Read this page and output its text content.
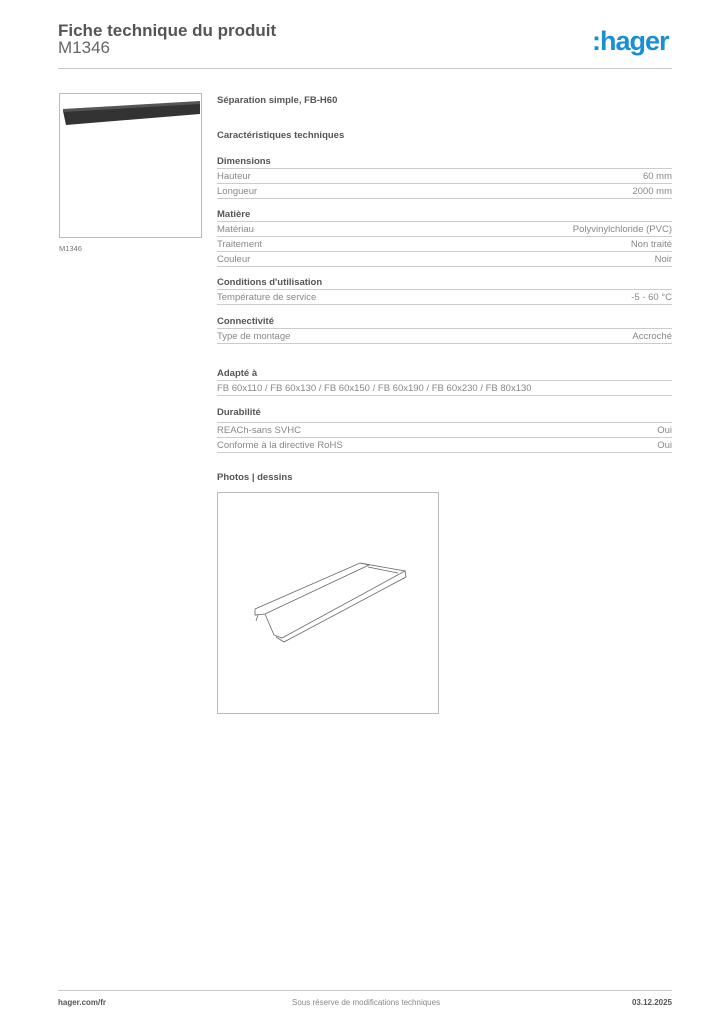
Fiche technique du produit
M1346	:hager
M1346
Séparation simple, FB-H60
Caractéristiques techniques
Dimensions
Hauteur	60 mm
Longueur	2000 mm
Matière
Matériau	Polyvinylchloride (PVC)
Traitement	Non traité
Couleur	Noir
Conditions d'utilisation
Température de service	-5 - 60 °C
Connectivité
Type de montage	Accroché
Adapté à
FB 60x110 / FB 60x130 / FB 60x150 / FB 60x190 / FB 60x230 / FB 80x130
Durabilité
REACh-sans SVHC	Oui
Conforme à la directive RoHS	Oui
Photos | dessins
hager.com/fr	Sous réserve de modifications techniques	03.12.2025
